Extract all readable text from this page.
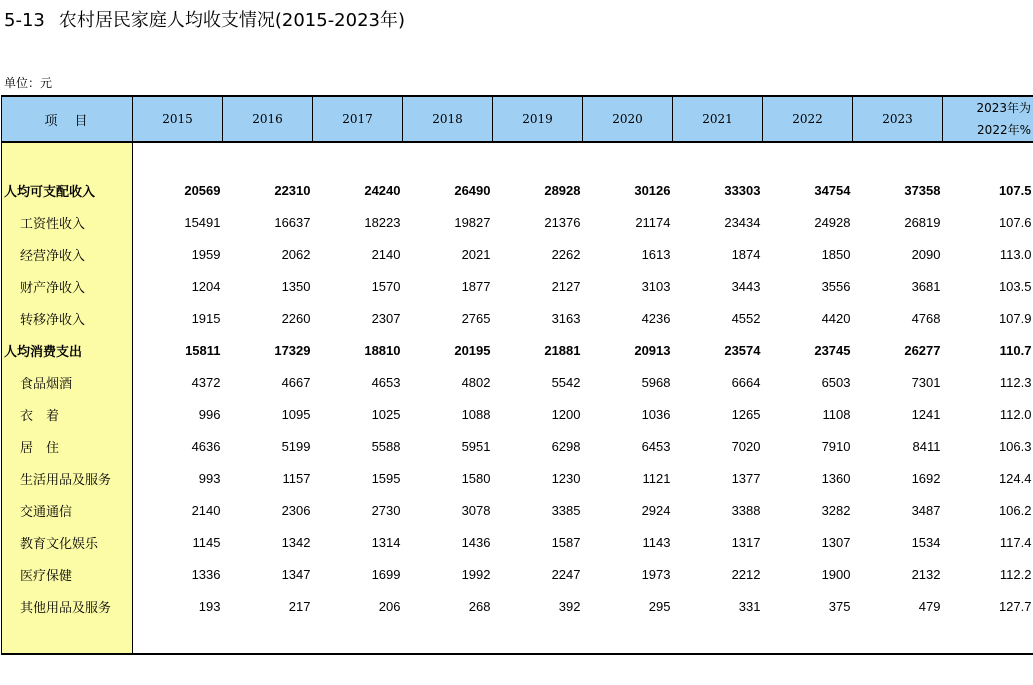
5-13 农村居民家庭人均收支情况(2015-2023年)
单位：元
项　目	2015	2016	2017	2018	2019	2020	2021	2022	2023	2023年为
2022年%

人均可支配收入	20569	22310	24240	26490	28928	30126	33303	34754	37358	107.5
工资性收入	15491	16637	18223	19827	21376	21174	23434	24928	26819	107.6
经营净收入	1959	2062	2140	2021	2262	1613	1874	1850	2090	113.0
财产净收入	1204	1350	1570	1877	2127	3103	3443	3556	3681	103.5
转移净收入	1915	2260	2307	2765	3163	4236	4552	4420	4768	107.9
人均消费支出	15811	17329	18810	20195	21881	20913	23574	23745	26277	110.7
食品烟酒	4372	4667	4653	4802	5542	5968	6664	6503	7301	112.3
衣　着	996	1095	1025	1088	1200	1036	1265	1108	1241	112.0
居　住	4636	5199	5588	5951	6298	6453	7020	7910	8411	106.3
生活用品及服务	993	1157	1595	1580	1230	1121	1377	1360	1692	124.4
交通通信	2140	2306	2730	3078	3385	2924	3388	3282	3487	106.2
教育文化娱乐	1145	1342	1314	1436	1587	1143	1317	1307	1534	117.4
医疗保健	1336	1347	1699	1992	2247	1973	2212	1900	2132	112.2
其他用品及服务	193	217	206	268	392	295	331	375	479	127.7
